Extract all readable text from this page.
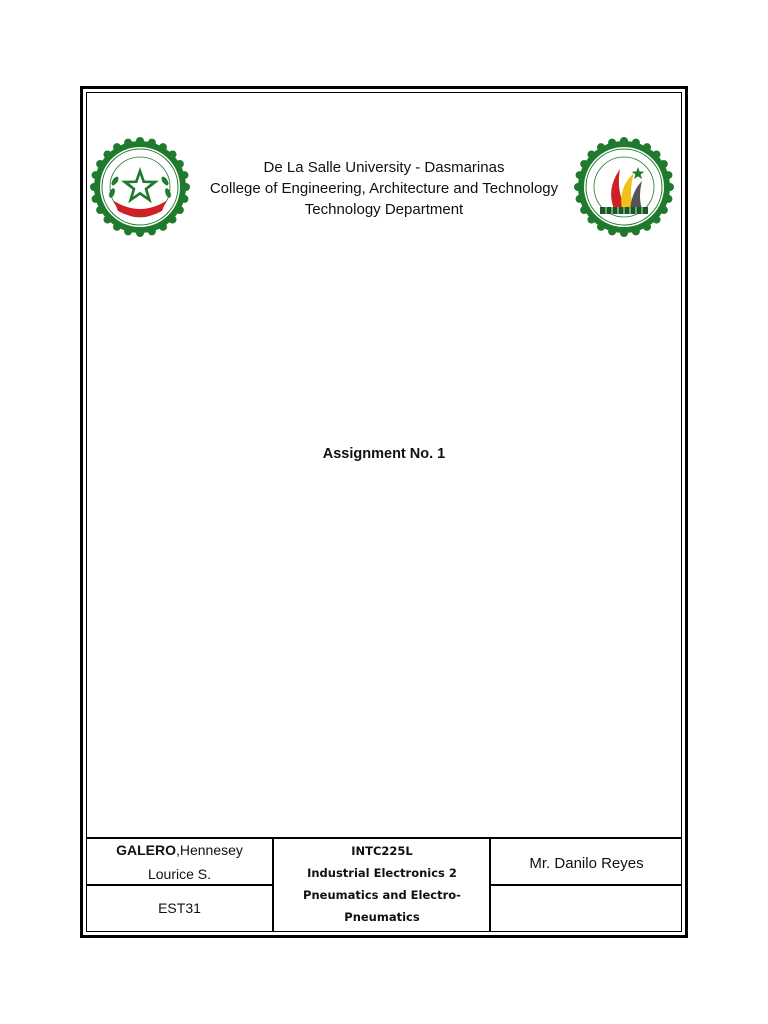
De La Salle University - Dasmarinas
College of Engineering, Architecture and Technology
Technology Department
Assignment No. 1
GALERO,Hennesey
Lourice S.
EST31
INTC225L
Industrial Electronics 2
Pneumatics and Electro-
Pneumatics
Mr. Danilo Reyes
